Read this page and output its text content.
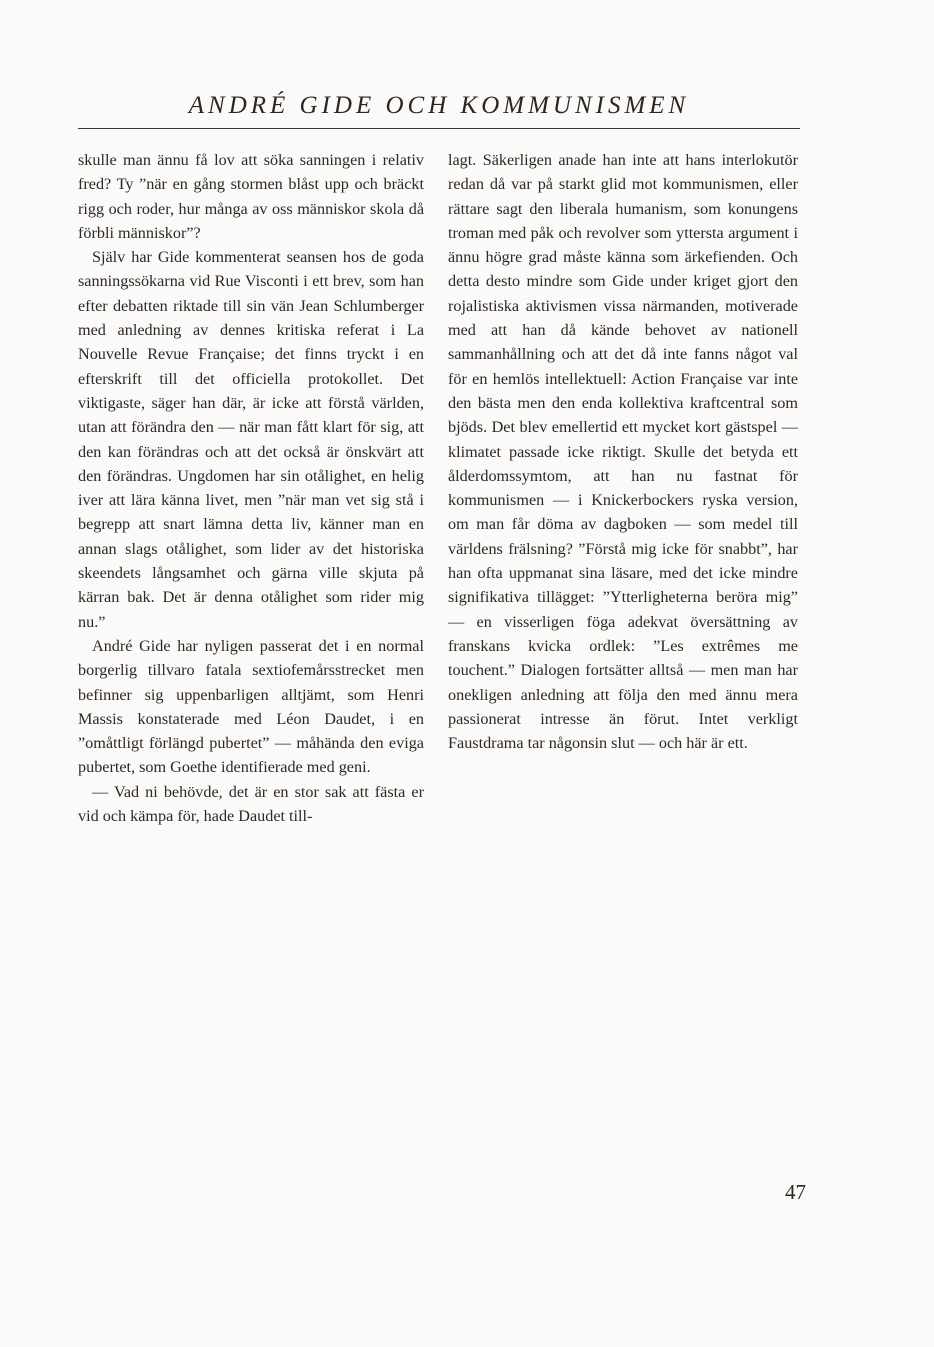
ANDRÉ GIDE OCH KOMMUNISMEN

skulle man ännu få lov att söka sanningen i relativ fred? Ty ”när en gång stormen blåst upp och bräckt rigg och roder, hur många av oss människor skola då förbli människor”?

Själv har Gide kommenterat seansen hos de goda sanningssökarna vid Rue Visconti i ett brev, som han efter debatten riktade till sin vän Jean Schlumberger med anledning av dennes kritiska referat i La Nouvelle Revue Française; det finns tryckt i en efterskrift till det officiella protokollet. Det viktigaste, säger han där, är icke att förstå världen, utan att förändra den — när man fått klart för sig, att den kan förändras och att det också är önskvärt att den förändras. Ungdomen har sin otålighet, en helig iver att lära känna livet, men ”när man vet sig stå i begrepp att snart lämna detta liv, känner man en annan slags otålighet, som lider av det historiska skeendets långsamhet och gärna ville skjuta på kärran bak. Det är denna otålighet som rider mig nu.”

André Gide har nyligen passerat det i en normal borgerlig tillvaro fatala sextiofemårsstrecket men befinner sig uppenbarligen alltjämt, som Henri Massis konstaterade med Léon Daudet, i en ”omåttligt förlängd pubertet” — måhända den eviga pubertet, som Goethe identifierade med geni.

— Vad ni behövde, det är en stor sak att fästa er vid och kämpa för, hade Daudet till-

lagt. Säkerligen anade han inte att hans interlokutör redan då var på starkt glid mot kommunismen, eller rättare sagt den liberala humanism, som konungens troman med påk och revolver som yttersta argument i ännu högre grad måste känna som ärkefienden. Och detta desto mindre som Gide under kriget gjort den rojalistiska aktivismen vissa närmanden, motiverade med att han då kände behovet av nationell sammanhållning och att det då inte fanns något val för en hemlös intellektuell: Action Française var inte den bästa men den enda kollektiva kraftcentral som bjöds. Det blev emellertid ett mycket kort gästspel — klimatet passade icke riktigt. Skulle det betyda ett ålderdomssymtom, att han nu fastnat för kommunismen — i Knickerbockers ryska version, om man får döma av dagboken — som medel till världens frälsning? ”Förstå mig icke för snabbt”, har han ofta uppmanat sina läsare, med det icke mindre signifikativa tillägget: ”Ytterligheterna beröra mig” — en visserligen föga adekvat översättning av franskans kvicka ordlek: ”Les extrêmes me touchent.” Dialogen fortsätter alltså — men man har onekligen anledning att följa den med ännu mera passionerat intresse än förut. Intet verkligt Faustdrama tar någonsin slut — och här är ett.

47
